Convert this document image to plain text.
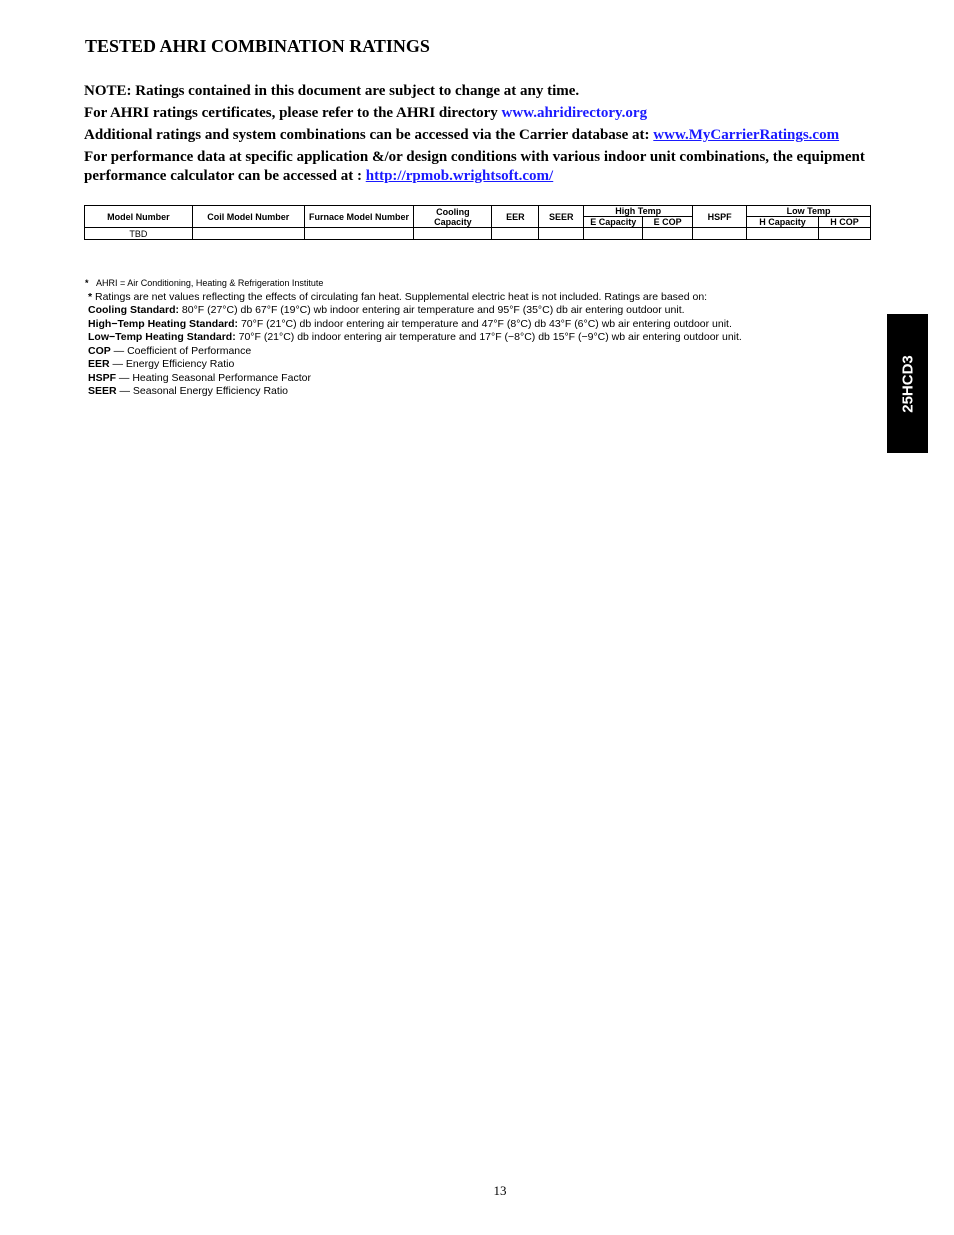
TESTED AHRI COMBINATION RATINGS

NOTE: Ratings contained in this document are subject to change at any time.

For AHRI ratings certificates, please refer to the AHRI directory www.ahridirectory.org

Additional ratings and system combinations can be accessed via the Carrier database at: www.MyCarrierRatings.com

For performance data at specific application &/or design conditions with various indoor unit combinations, the equipment performance calculator can be accessed at : http://rpmob.wrightsoft.com/

Model Number	Coil Model Number	Furnace Model Number	Cooling Capacity	EER	SEER	High Temp		HSPF	Low Temp	
						E Capacity	E COP		H Capacity	H COP
TBD										
* AHRI = Air Conditioning, Heating & Refrigeration Institute
* Ratings are net values reflecting the effects of circulating fan heat. Supplemental electric heat is not included. Ratings are based on:
Cooling Standard: 80°F (27°C) db 67°F (19°C) wb indoor entering air temperature and 95°F (35°C) db air entering outdoor unit.
High−Temp Heating Standard: 70°F (21°C) db indoor entering air temperature and 47°F (8°C) db 43°F (6°C) wb air entering outdoor unit.
Low−Temp Heating Standard: 70°F (21°C) db indoor entering air temperature and 17°F (−8°C) db 15°F (−9°C) wb air entering outdoor unit.
COP — Coefficient of Performance
EER — Energy Efficiency Ratio
HSPF — Heating Seasonal Performance Factor
SEER — Seasonal Energy Efficiency Ratio	25HCD3
13
